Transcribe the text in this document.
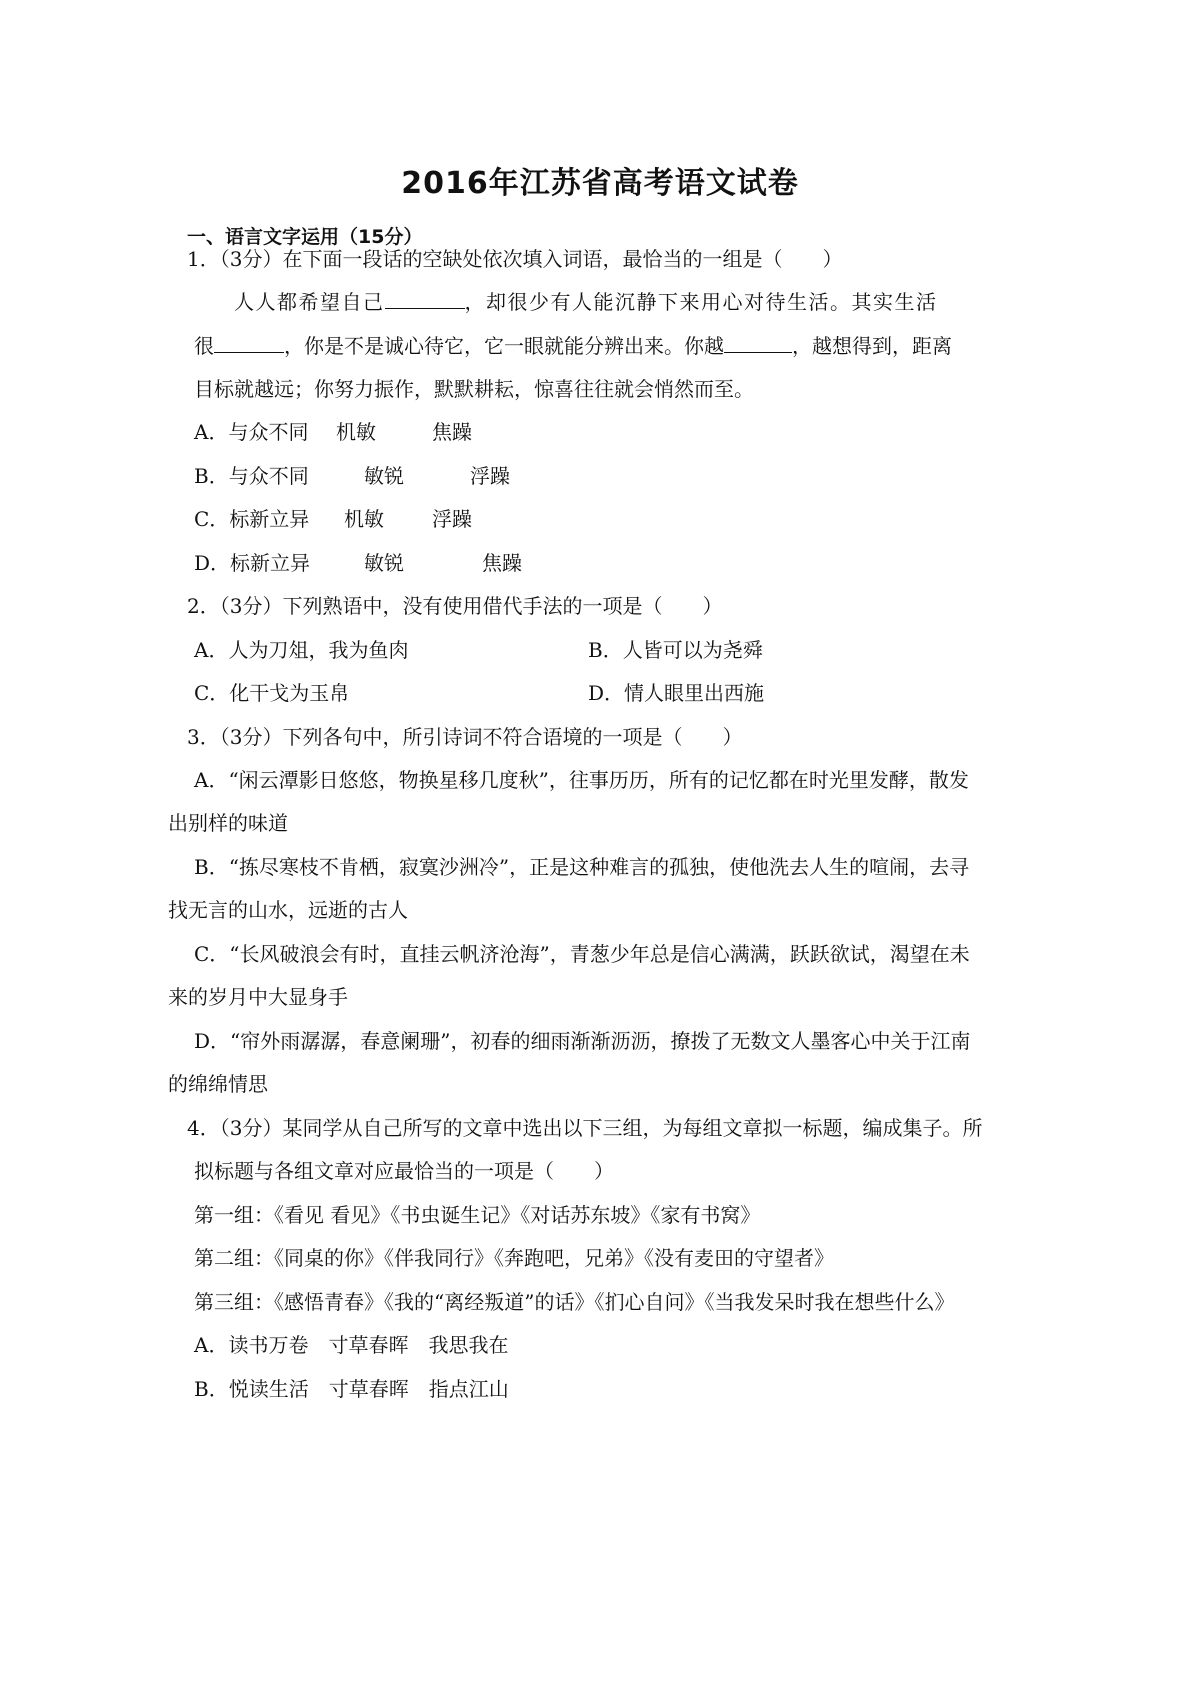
2016年江苏省高考语文试卷
一、语言文字运用（15分）
1．（3分）在下面一段话的空缺处依次填入词语，最恰当的一组是（　　）
人人都希望自己	，却很少有人能沉静下来用心对待生活。其实生活
很	，你是不是诚心待它，它一眼就能分辨出来。你越	，越想得到，距离
目标就越远；你努力振作，默默耕耘，惊喜往往就会悄然而至。
A．与众不同 机敏	焦躁
B．与众不同	敏锐	浮躁
C．标新立异 机敏 浮躁
D．标新立异	敏锐	焦躁
2．（3分）下列熟语中，没有使用借代手法的一项是（　　）
A．人为刀俎，我为鱼肉	B．人皆可以为尧舜
C．化干戈为玉帛	D．情人眼里出西施
3．（3分）下列各句中，所引诗词不符合语境的一项是（　　）
A．“闲云潭影日悠悠，物换星移几度秋”，往事历历，所有的记忆都在时光里发酵，散发
出别样的味道
B．“拣尽寒枝不肯栖，寂寞沙洲冷”，正是这种难言的孤独，使他洗去人生的喧闹，去寻
找无言的山水，远逝的古人
C．“长风破浪会有时，直挂云帆济沧海”，青葱少年总是信心满满，跃跃欲试，渴望在未
来的岁月中大显身手
D．“帘外雨潺潺，春意阑珊”，初春的细雨渐渐沥沥，撩拨了无数文人墨客心中关于江南
的绵绵情思
4．（3分）某同学从自己所写的文章中选出以下三组，为每组文章拟一标题，编成集子。所
拟标题与各组文章对应最恰当的一项是（　　）
第一组：《看见 看见》《书虫诞生记》《对话苏东坡》《家有书窝》
第二组：《同桌的你》《伴我同行》《奔跑吧，兄弟》《没有麦田的守望者》
第三组：《感悟青春》《我的“离经叛道”的话》《扪心自问》《当我发呆时我在想些什么》
A．读书万卷　寸草春晖　我思我在
B．悦读生活　寸草春晖　指点江山
